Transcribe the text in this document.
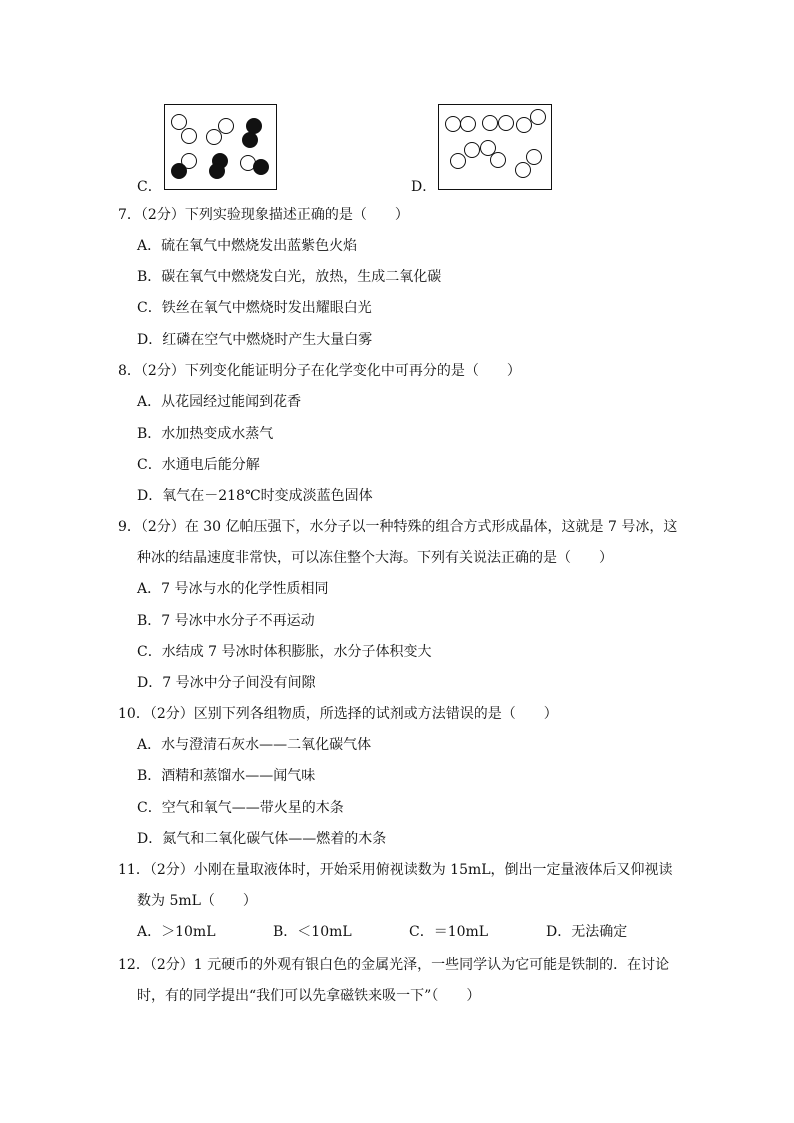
C．	D．
7．（2分）下列实验现象描述正确的是（　　）
A．硫在氧气中燃烧发出蓝紫色火焰
B．碳在氧气中燃烧发白光，放热，生成二氧化碳
C．铁丝在氧气中燃烧时发出耀眼白光
D．红磷在空气中燃烧时产生大量白雾
8．（2分）下列变化能证明分子在化学变化中可再分的是（　　）
A．从花园经过能闻到花香
B．水加热变成水蒸气
C．水通电后能分解
D．氧气在－218℃时变成淡蓝色固体
9．（2分）在 30 亿帕压强下，水分子以一种特殊的组合方式形成晶体，这就是 7 号冰，这
种冰的结晶速度非常快，可以冻住整个大海。下列有关说法正确的是（　　）
A．7 号冰与水的化学性质相同
B．7 号冰中水分子不再运动
C．水结成 7 号冰时体积膨胀，水分子体积变大
D．7 号冰中分子间没有间隙
10．（2分）区别下列各组物质，所选择的试剂或方法错误的是（　　）
A．水与澄清石灰水——二氧化碳气体
B．酒精和蒸馏水——闻气味
C．空气和氧气——带火星的木条
D．氮气和二氧化碳气体——燃着的木条
11．（2分）小刚在量取液体时，开始采用俯视读数为 15mL，倒出一定量液体后又仰视读
数为 5mL（　　）
A．＞10mL	B．＜10mL	C．＝10mL	D．无法确定
12．（2分）1 元硬币的外观有银白色的金属光泽，一些同学认为它可能是铁制的．在讨论
时，有的同学提出“我们可以先拿磁铁来吸一下”（　　）
